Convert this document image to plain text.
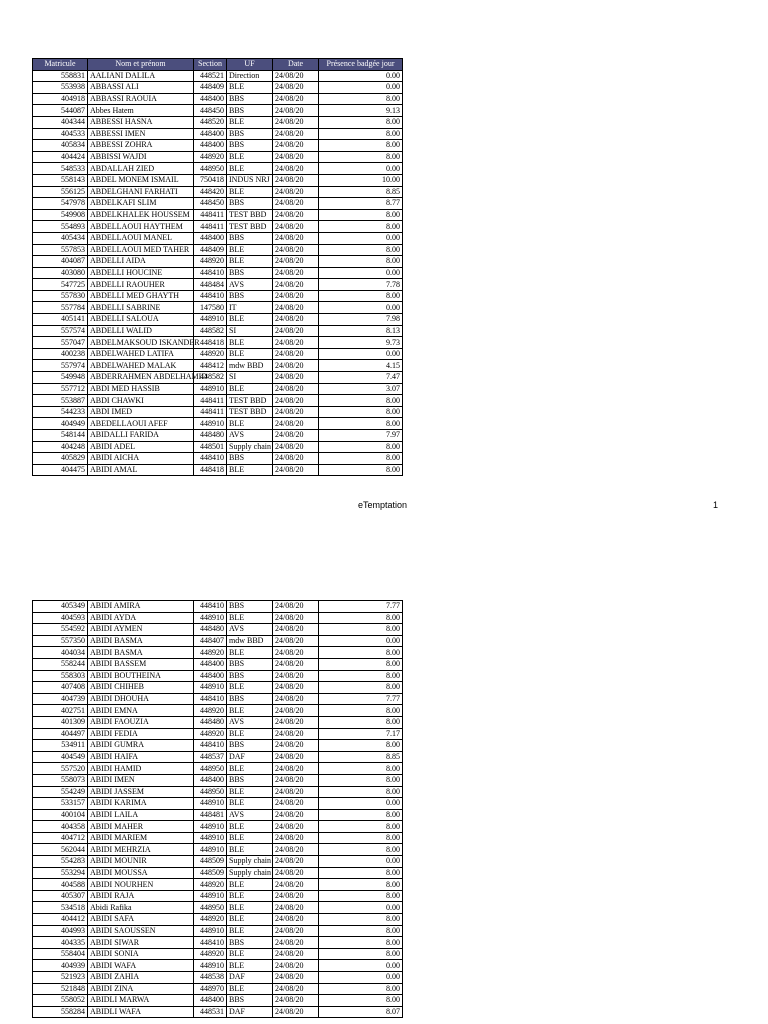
Matricule	Nom et prénom	Section	UF	Date	Présence badgée jour
558831	AALIANI DALILA	448521	Direction	24/08/20	0.00
553938	ABBASSI ALI	448409	BLE	24/08/20	0.00
404918	ABBASSI RAOUIA	448400	BBS	24/08/20	8.00
544087	Abbes Hatem	448450	BBS	24/08/20	9.13
404344	ABBESSI HASNA	448520	BLE	24/08/20	8.00
404533	ABBESSI IMEN	448400	BBS	24/08/20	8.00
405834	ABBESSI ZOHRA	448400	BBS	24/08/20	8.00
404424	ABBISSI WAJDI	448920	BLE	24/08/20	8.00
548533	ABDALLAH ZIED	448950	BLE	24/08/20	0.00
558143	ABDEL MONEM ISMAIL	750418	INDUS NRJ	24/08/20	10.00
556125	ABDELGHANI FARHATI	448420	BLE	24/08/20	8.85
547978	ABDELKAFI SLIM	448450	BBS	24/08/20	8.77
549908	ABDELKHALEK HOUSSEM	448411	TEST BBD	24/08/20	8.00
554893	ABDELLAOUI HAYTHEM	448411	TEST BBD	24/08/20	8.00
405434	ABDELLAOUI MANEL	448400	BBS	24/08/20	0.00
557853	ABDELLAOUI MED TAHER	448409	BLE	24/08/20	8.00
404087	ABDELLI AIDA	448920	BLE	24/08/20	8.00
403080	ABDELLI HOUCINE	448410	BBS	24/08/20	0.00
547725	ABDELLI RAOUHER	448484	AVS	24/08/20	7.78
557830	ABDELLI MED GHAYTH	448410	BBS	24/08/20	8.00
557784	ABDELLI SABRINE	147580	IT	24/08/20	0.00
405141	ABDELLI SALOUA	448910	BLE	24/08/20	7.98
557574	ABDELLI WALID	448582	SI	24/08/20	8.13
557047	ABDELMAKSOUD ISKANDER	448418	BLE	24/08/20	9.73
400238	ABDELWAHED LATIFA	448920	BLE	24/08/20	0.00
557974	ABDELWAHED MALAK	448412	mdw BBD	24/08/20	4.15
549948	ABDERRAHMEN ABDELHAMID	448582	SI	24/08/20	7.47
557712	ABDI MED HASSIB	448910	BLE	24/08/20	3.07
553887	ABDI CHAWKI	448411	TEST BBD	24/08/20	8.00
544233	ABDI IMED	448411	TEST BBD	24/08/20	8.00
404949	ABEDELLAOUI AFEF	448910	BLE	24/08/20	8.00
548144	ABIDALLI FARIDA	448480	AVS	24/08/20	7.97
404248	ABIDI ADEL	448501	Supply chain	24/08/20	8.00
405829	ABIDI AICHA	448410	BBS	24/08/20	8.00
404475	ABIDI AMAL	448418	BLE	24/08/20	8.00
eTemptation	1
405349	ABIDI AMIRA	448410	BBS	24/08/20	7.77
404593	ABIDI AYDA	448910	BLE	24/08/20	8.00
554592	ABIDI AYMEN	448480	AVS	24/08/20	8.00
557350	ABIDI BASMA	448407	mdw BBD	24/08/20	0.00
404034	ABIDI BASMA	448920	BLE	24/08/20	8.00
558244	ABIDI BASSEM	448400	BBS	24/08/20	8.00
558303	ABIDI BOUTHEINA	448400	BBS	24/08/20	8.00
407408	ABIDI CHIHEB	448910	BLE	24/08/20	8.00
404739	ABIDI DHOUHA	448410	BBS	24/08/20	7.77
402751	ABIDI EMNA	448920	BLE	24/08/20	8.00
401309	ABIDI FAOUZIA	448480	AVS	24/08/20	8.00
404497	ABIDI FEDIA	448920	BLE	24/08/20	7.17
534911	ABIDI GUMRA	448410	BBS	24/08/20	8.00
404549	ABIDI HAIFA	448537	DAF	24/08/20	8.85
557520	ABIDI HAMID	448950	BLE	24/08/20	8.00
558073	ABIDI IMEN	448400	BBS	24/08/20	8.00
554249	ABIDI JASSEM	448950	BLE	24/08/20	8.00
533157	ABIDI KARIMA	448910	BLE	24/08/20	0.00
400104	ABIDI LAILA	448481	AVS	24/08/20	8.00
404358	ABIDI MAHER	448910	BLE	24/08/20	8.00
404712	ABIDI MARIEM	448910	BLE	24/08/20	8.00
562044	ABIDI MEHRZIA	448910	BLE	24/08/20	8.00
554283	ABIDI MOUNIR	448509	Supply chain	24/08/20	0.00
553294	ABIDI MOUSSA	448509	Supply chain	24/08/20	8.00
404588	ABIDI NOURHEN	448920	BLE	24/08/20	8.00
405307	ABIDI RAJA	448910	BLE	24/08/20	8.00
534518	Abidi Rafika	448950	BLE	24/08/20	0.00
404412	ABIDI SAFA	448920	BLE	24/08/20	8.00
404993	ABIDI SAOUSSEN	448910	BLE	24/08/20	8.00
404335	ABIDI SIWAR	448410	BBS	24/08/20	8.00
558404	ABIDI SONIA	448920	BLE	24/08/20	8.00
404939	ABIDI WAFA	448910	BLE	24/08/20	0.00
521923	ABIDI ZAHIA	448538	DAF	24/08/20	0.00
521848	ABIDI ZINA	448970	BLE	24/08/20	8.00
558052	ABIDLI MARWA	448400	BBS	24/08/20	8.00
558284	ABIDLI WAFA	448531	DAF	24/08/20	8.07
